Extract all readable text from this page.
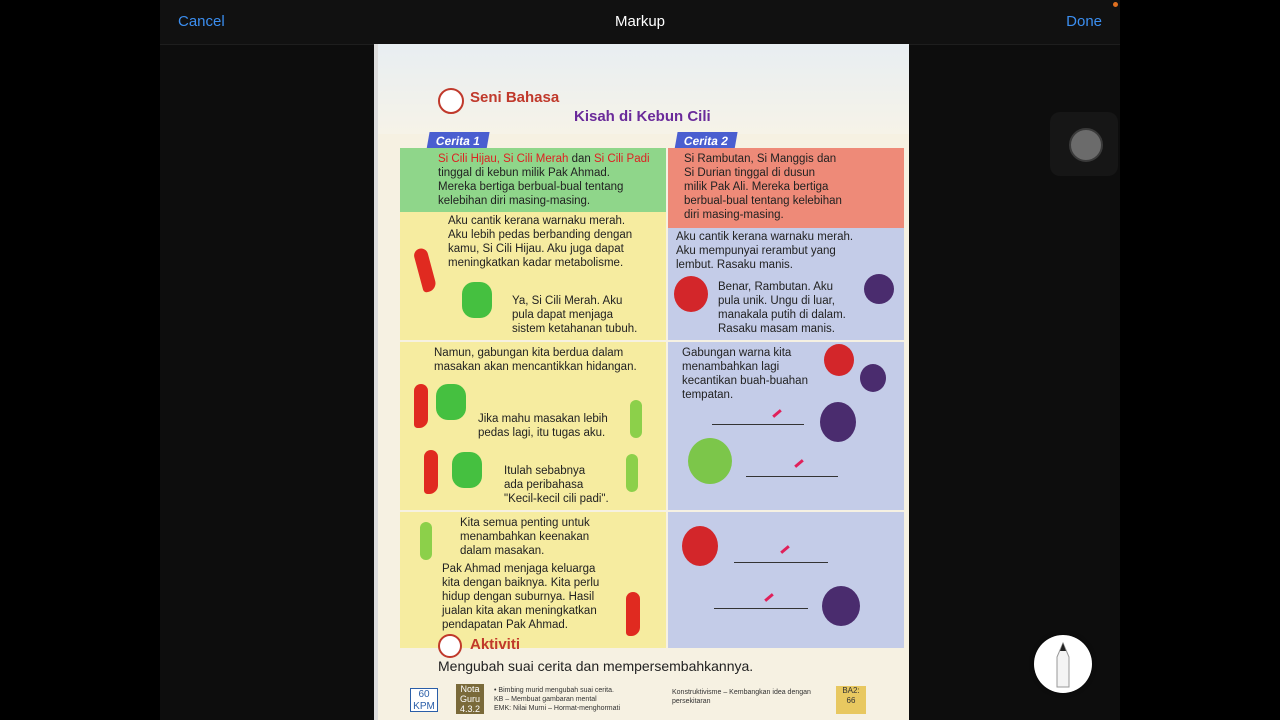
Cancel	Markup	Done
Seni Bahasa
Kisah di Kebun Cili
Cerita 1	Cerita 2
Si Cili Hijau, Si Cili Merah dan Si Cili Padi
tinggal di kebun milik Pak Ahmad.
Mereka bertiga berbual-bual tentang
kelebihan diri masing-masing.
Si Rambutan, Si Manggis dan
Si Durian tinggal di dusun
milik Pak Ali. Mereka bertiga
berbual-bual tentang kelebihan
diri masing-masing.
Aku cantik kerana warnaku merah.
Aku lebih pedas berbanding dengan
kamu, Si Cili Hijau. Aku juga dapat
meningkatkan kadar metabolisme.
Ya, Si Cili Merah. Aku
pula dapat menjaga
sistem ketahanan tubuh.
Aku cantik kerana warnaku merah.
Aku mempunyai rerambut yang
lembut. Rasaku manis.
Benar, Rambutan. Aku
pula unik. Ungu di luar,
manakala putih di dalam.
Rasaku masam manis.
Namun, gabungan kita berdua dalam
masakan akan mencantikkan hidangan.
Jika mahu masakan lebih
pedas lagi, itu tugas aku.
Itulah sebabnya
ada peribahasa
"Kecil-kecil cili padi".
Gabungan warna kita
menambahkan lagi
kecantikan buah-buahan
tempatan.
Kita semua penting untuk
menambahkan keenakan
dalam masakan.
Pak Ahmad menjaga keluarga
kita dengan baiknya. Kita perlu
hidup dengan suburnya. Hasil
jualan kita akan meningkatkan
pendapatan Pak Ahmad.
Aktiviti
Mengubah suai cerita dan mempersembahkannya.
60
KPM
Nota
Guru
4.3.2
• Bimbing murid mengubah suai cerita.
KB – Membuat gambaran mental
EMK: Nilai Murni – Hormat-menghormati
Konstruktivisme – Kembangkan idea dengan
persekitaran
BA2:
66
